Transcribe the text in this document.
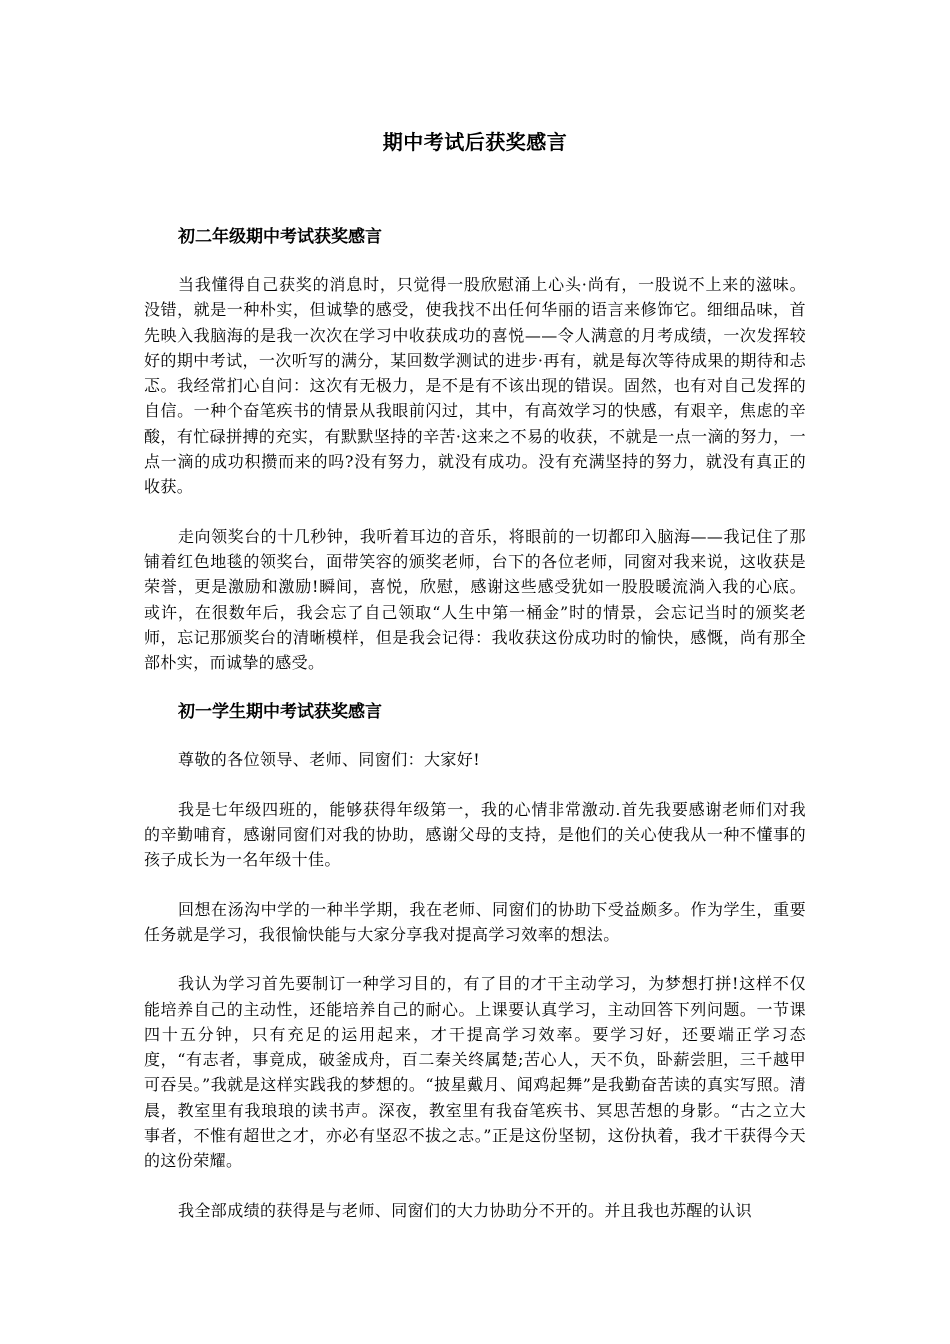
期中考试后获奖感言
初二年级期中考试获奖感言

当我懂得自己获奖的消息时，只觉得一股欣慰涌上心头·尚有，一股说不上来的滋味。没错，就是一种朴实，但诚挚的感受，使我找不出任何华丽的语言来修饰它。细细品味，首先映入我脑海的是我一次次在学习中收获成功的喜悦——令人满意的月考成绩，一次发挥较好的期中考试，一次听写的满分，某回数学测试的进步·再有，就是每次等待成果的期待和忐忑。我经常扪心自问：这次有无极力，是不是有不该出现的错误。固然，也有对自己发挥的自信。一种个奋笔疾书的情景从我眼前闪过，其中，有高效学习的快感，有艰辛，焦虑的辛酸，有忙碌拼搏的充实，有默默坚持的辛苦·这来之不易的收获，不就是一点一滴的努力，一点一滴的成功积攒而来的吗?没有努力，就没有成功。没有充满坚持的努力，就没有真正的收获。

走向领奖台的十几秒钟，我听着耳边的音乐，将眼前的一切都印入脑海——我记住了那铺着红色地毯的领奖台，面带笑容的颁奖老师，台下的各位老师，同窗对我来说，这收获是荣誉，更是激励和激励!瞬间，喜悦，欣慰，感谢这些感受犹如一股股暖流淌入我的心底。或许，在很数年后，我会忘了自己领取“人生中第一桶金”时的情景，会忘记当时的颁奖老师，忘记那颁奖台的清晰模样，但是我会记得：我收获这份成功时的愉快，感慨，尚有那全部朴实，而诚挚的感受。

初一学生期中考试获奖感言

尊敬的各位领导、老师、同窗们：大家好!

我是七年级四班的，能够获得年级第一，我的心情非常激动.首先我要感谢老师们对我的辛勤哺育，感谢同窗们对我的协助，感谢父母的支持，是他们的关心使我从一种不懂事的孩子成长为一名年级十佳。

回想在汤沟中学的一种半学期，我在老师、同窗们的协助下受益颇多。作为学生，重要任务就是学习，我很愉快能与大家分享我对提高学习效率的想法。

我认为学习首先要制订一种学习目的，有了目的才干主动学习，为梦想打拼!这样不仅能培养自己的主动性，还能培养自己的耐心。上课要认真学习，主动回答下列问题。一节课四十五分钟，只有充足的运用起来，才干提高学习效率。要学习好，还要端正学习态度，“有志者，事竟成，破釜成舟，百二秦关终属楚;苦心人，天不负，卧薪尝胆，三千越甲可吞吴。”我就是这样实践我的梦想的。“披星戴月、闻鸡起舞”是我勤奋苦读的真实写照。清晨，教室里有我琅琅的读书声。深夜，教室里有我奋笔疾书、冥思苦想的身影。“古之立大事者，不惟有超世之才，亦必有坚忍不拔之志。”正是这份坚韧，这份执着，我才干获得今天的这份荣耀。

我全部成绩的获得是与老师、同窗们的大力协助分不开的。并且我也苏醒的认识
